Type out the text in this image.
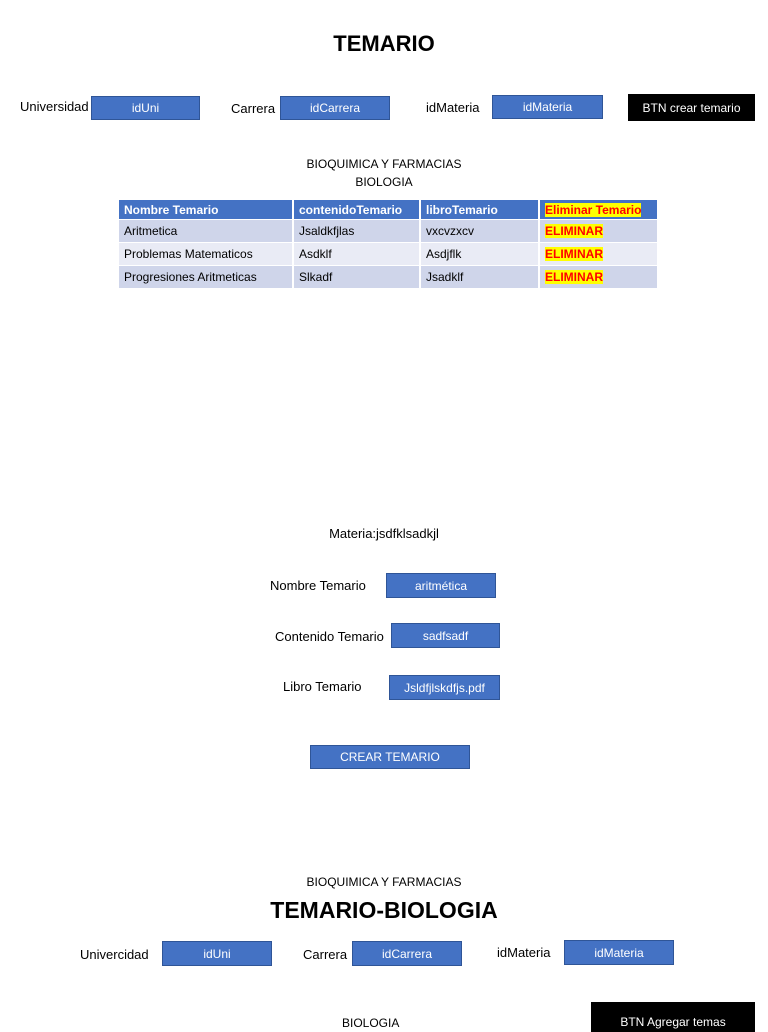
TEMARIO
Universidad	idUni	Carrera	idCarrera	idMateria	idMateria	BTN crear temario
BIOQUIMICA Y FARMACIAS
BIOLOGIA
Nombre Temario	contenidoTemario	libroTemario	Eliminar Temario
Aritmetica	Jsaldkfjlas	vxcvzxcv	ELIMINAR
Problemas Matematicos	Asdklf	Asdjflk	ELIMINAR
Progresiones Aritmeticas	Slkadf	Jsadklf	ELIMINAR
Materia:jsdfklsadkjl
Nombre Temario	aritmética
Contenido Temario	sadfsadf
Libro Temario	Jsldfjlskdfjs.pdf
CREAR TEMARIO
BIOQUIMICA Y FARMACIAS
TEMARIO-BIOLOGIA
Univercidad	idUni	Carrera	idCarrera	idMateria	idMateria
BIOLOGIA	BTN Agregar temas
